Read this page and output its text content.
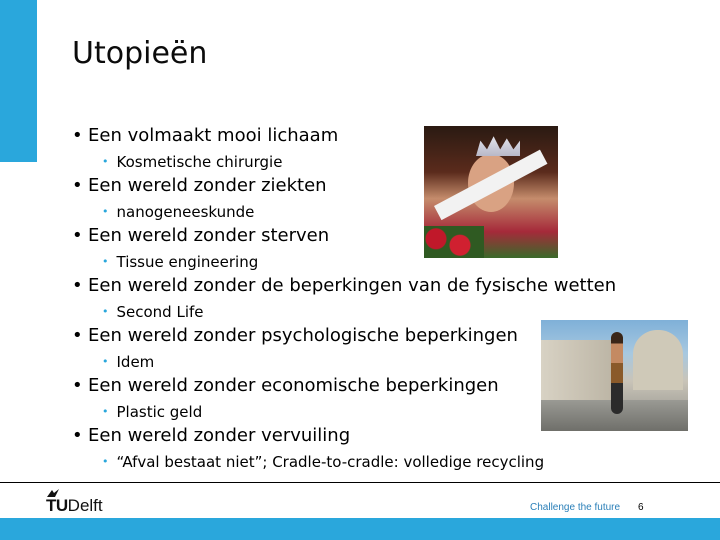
Utopieën
• Een volmaakt mooi lichaam
• Kosmetische chirurgie
• Een wereld zonder ziekten
• nanogeneeskunde
• Een wereld zonder sterven
• Tissue engineering
• Een wereld zonder de beperkingen van de fysische wetten
• Second Life
• Een wereld zonder psychologische beperkingen
• Idem
• Een wereld zonder economische beperkingen
• Plastic geld
• Een wereld zonder vervuiling
• “Afval bestaat niet”; Cradle-to-cradle: volledige recycling
TUDelft	Challenge the future 6
